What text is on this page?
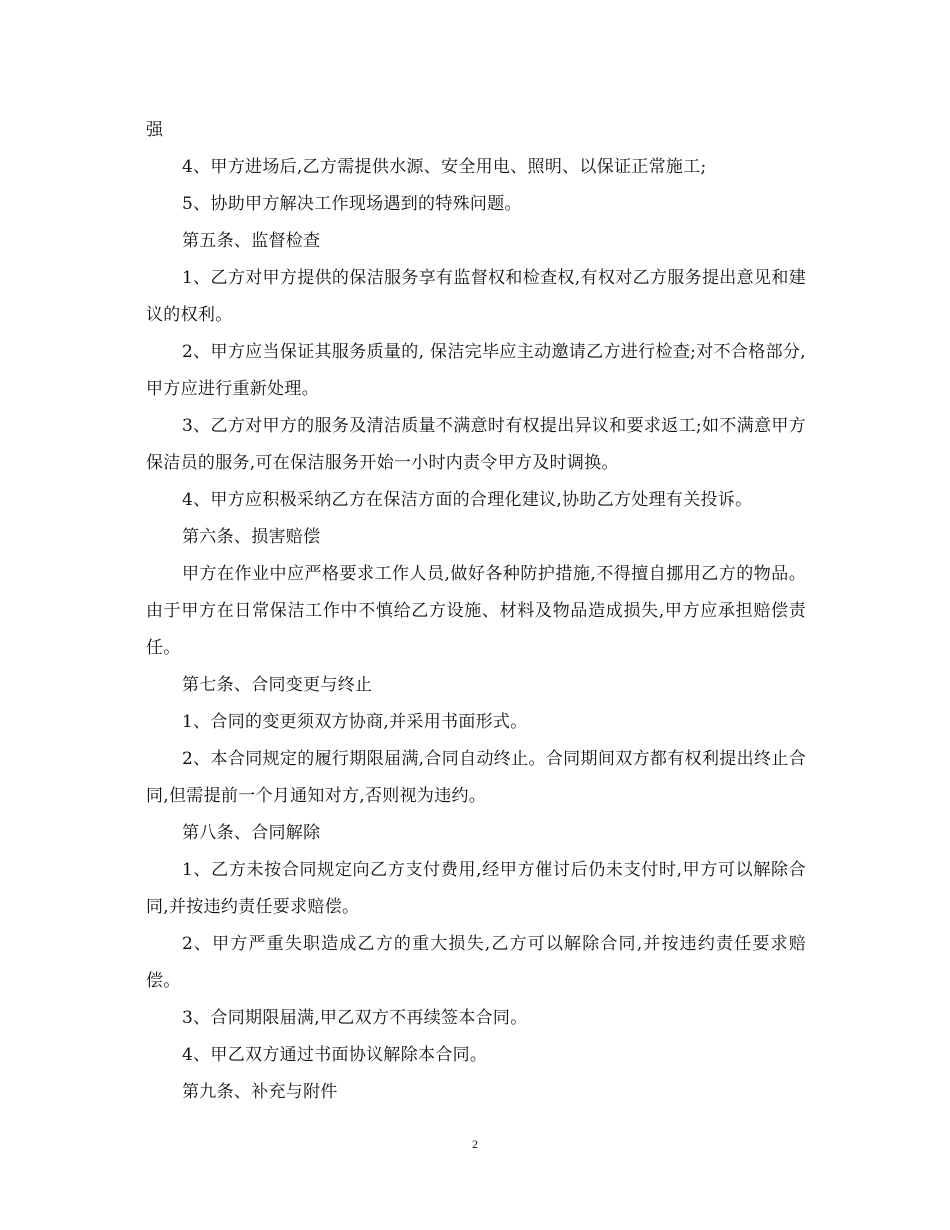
强

4、甲方进场后,乙方需提供水源、安全用电、照明、以保证正常施工;

5、协助甲方解决工作现场遇到的特殊问题。

第五条、监督检查

1、乙方对甲方提供的保洁服务享有监督权和检查权,有权对乙方服务提出意见和建议的权利。

2、甲方应当保证其服务质量的, 保洁完毕应主动邀请乙方进行检查;对不合格部分,甲方应进行重新处理。

3、乙方对甲方的服务及清洁质量不满意时有权提出异议和要求返工;如不满意甲方保洁员的服务,可在保洁服务开始一小时内责令甲方及时调换。

4、甲方应积极采纳乙方在保洁方面的合理化建议,协助乙方处理有关投诉。

第六条、损害赔偿

甲方在作业中应严格要求工作人员,做好各种防护措施,不得擅自挪用乙方的物品。由于甲方在日常保洁工作中不慎给乙方设施、材料及物品造成损失,甲方应承担赔偿责任。

第七条、合同变更与终止

1、合同的变更须双方协商,并采用书面形式。

2、本合同规定的履行期限届满,合同自动终止。合同期间双方都有权利提出终止合同,但需提前一个月通知对方,否则视为违约。

第八条、合同解除

1、乙方未按合同规定向乙方支付费用,经甲方催讨后仍未支付时,甲方可以解除合同,并按违约责任要求赔偿。

2、甲方严重失职造成乙方的重大损失,乙方可以解除合同,并按违约责任要求赔偿。

3、合同期限届满,甲乙双方不再续签本合同。

4、甲乙双方通过书面协议解除本合同。

第九条、补充与附件

2
